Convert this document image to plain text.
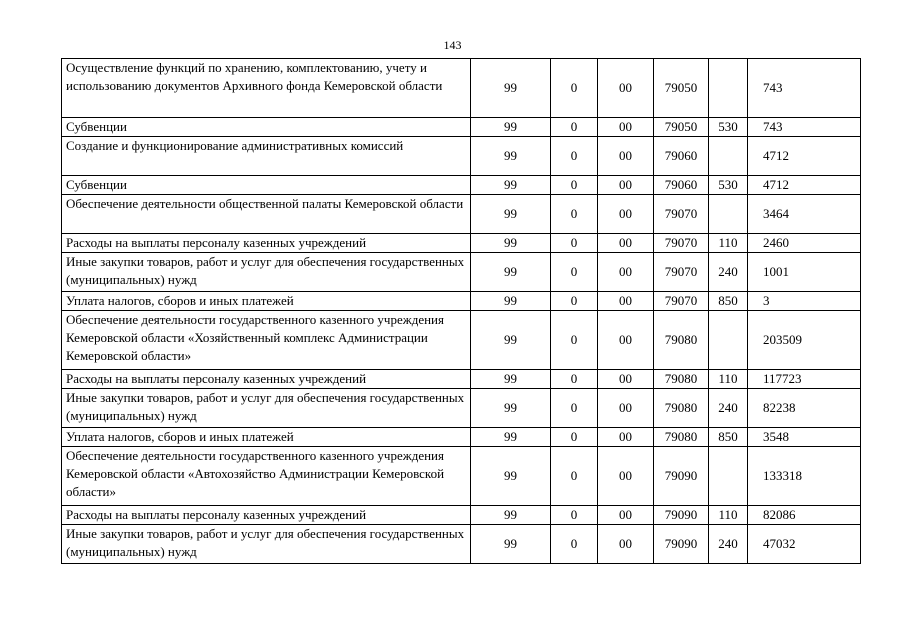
143
Осуществление функций по хранению, комплектованию, учету и использованию документов Архивного фонда Кемеровской области	99	0	00	79050		743
Субвенции	99	0	00	79050	530	743
Создание и функционирование административных комиссий	99	0	00	79060		4712
Субвенции	99	0	00	79060	530	4712
Обеспечение деятельности общественной палаты Кемеровской области	99	0	00	79070		3464
Расходы на выплаты персоналу казенных учреждений	99	0	00	79070	110	2460
Иные закупки товаров, работ и услуг для обеспечения государственных (муниципальных) нужд	99	0	00	79070	240	1001
Уплата налогов, сборов и иных платежей	99	0	00	79070	850	3
Обеспечение деятельности государственного казенного учреждения Кемеровской области «Хозяйственный комплекс Администрации Кемеровской области»	99	0	00	79080		203509
Расходы на выплаты персоналу казенных учреждений	99	0	00	79080	110	117723
Иные закупки товаров, работ и услуг для обеспечения государственных (муниципальных) нужд	99	0	00	79080	240	82238
Уплата налогов, сборов и иных платежей	99	0	00	79080	850	3548
Обеспечение деятельности государственного казенного учреждения Кемеровской области «Автохозяйство Администрации Кемеровской области»	99	0	00	79090		133318
Расходы на выплаты персоналу казенных учреждений	99	0	00	79090	110	82086
Иные закупки товаров, работ и услуг для обеспечения государственных (муниципальных) нужд	99	0	00	79090	240	47032
